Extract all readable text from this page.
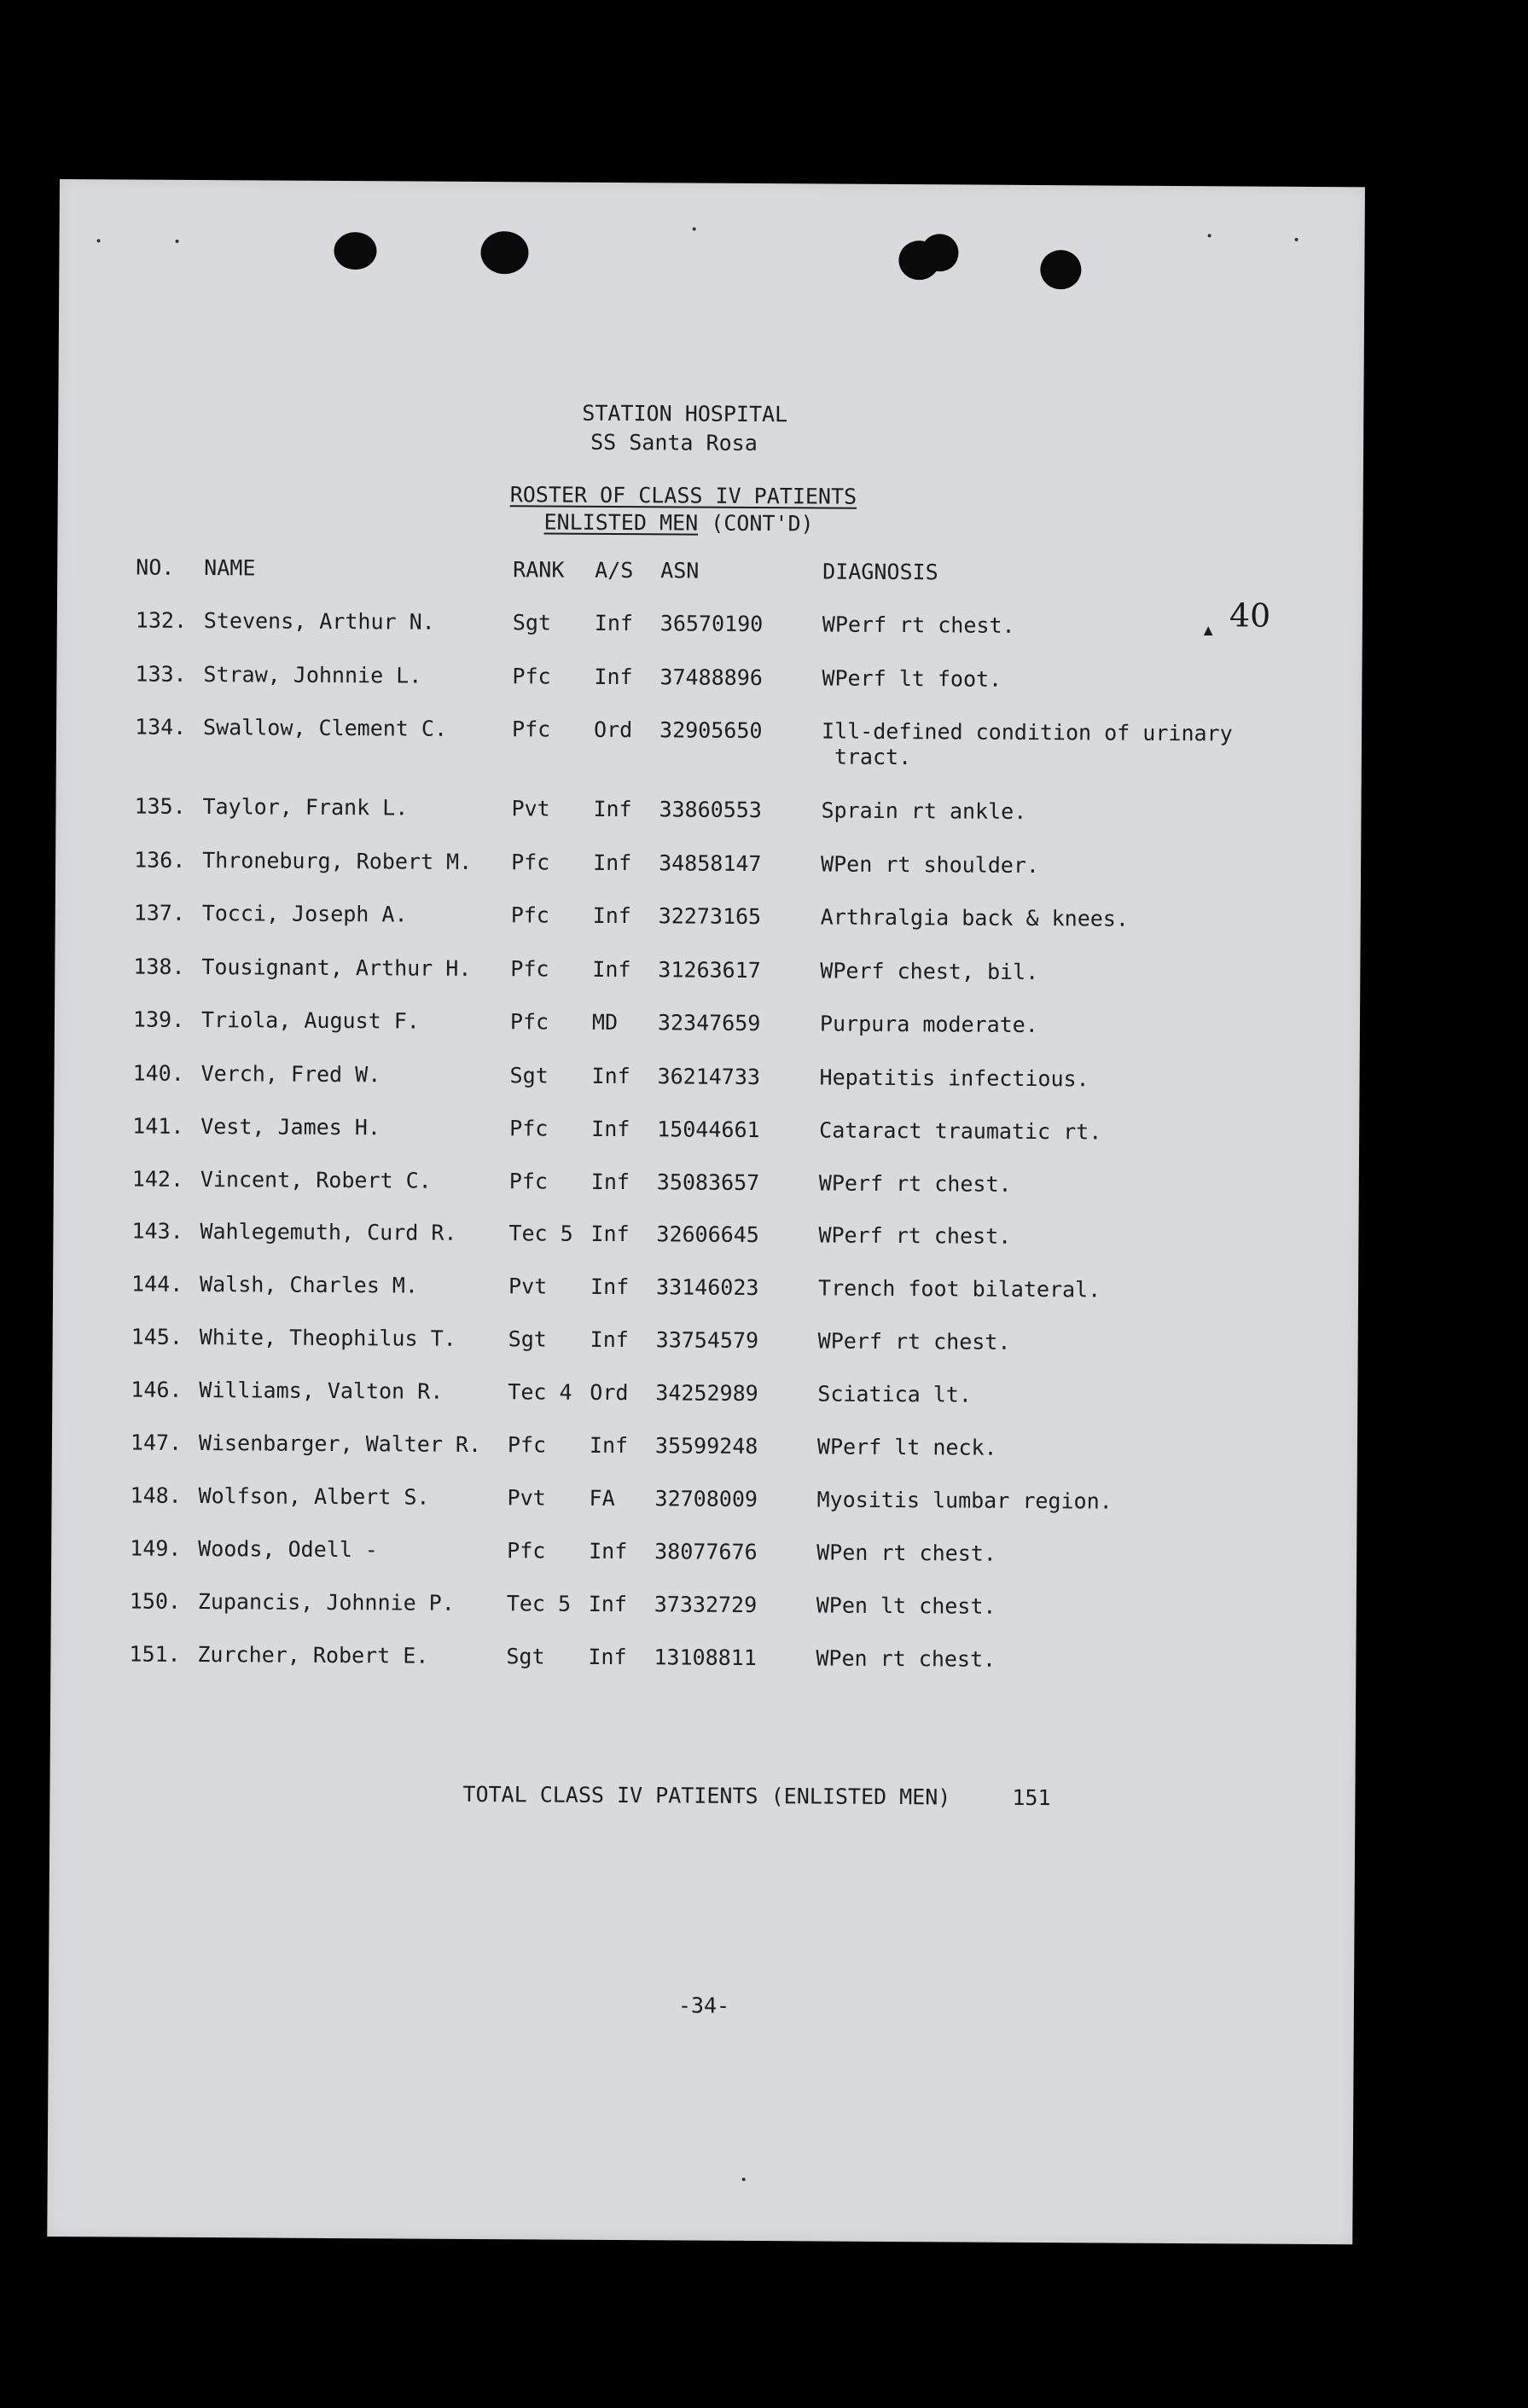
STATION HOSPITAL
SS Santa Rosa
ROSTER OF CLASS IV PATIENTS
ENLISTED MEN (CONT'D)
▲ 40
NO.	NAME	RANK	A/S	ASN	DIAGNOSIS
132. Stevens, Arthur N.	Sgt	Inf	36570190	WPerf rt chest.
133. Straw, Johnnie L.	Pfc	Inf	37488896	WPerf lt foot.
134. Swallow, Clement C.	Pfc	Ord	32905650	Ill-defined condition of urinary
tract.
135. Taylor, Frank L.	Pvt	Inf	33860553	Sprain rt ankle.
136. Throneburg, Robert M.	Pfc	Inf	34858147	WPen rt shoulder.
137. Tocci, Joseph A.	Pfc	Inf	32273165	Arthralgia back & knees.
138. Tousignant, Arthur H.	Pfc	Inf	31263617	WPerf chest, bil.
139. Triola, August F.	Pfc	MD	32347659	Purpura moderate.
140. Verch, Fred W.	Sgt	Inf	36214733	Hepatitis infectious.
141. Vest, James H.	Pfc	Inf	15044661	Cataract traumatic rt.
142. Vincent, Robert C.	Pfc	Inf	35083657	WPerf rt chest.
143. Wahlegemuth, Curd R.	Tec 5 Inf	32606645	WPerf rt chest.
144. Walsh, Charles M.	Pvt	Inf	33146023	Trench foot bilateral.
145. White, Theophilus T.	Sgt	Inf	33754579	WPerf rt chest.
146. Williams, Valton R.	Tec 4 Ord	34252989	Sciatica lt.
147. Wisenbarger, Walter R.	Pfc	Inf	35599248	WPerf lt neck.
148. Wolfson, Albert S.	Pvt	FA	32708009	Myositis lumbar region.
149. Woods, Odell -	Pfc	Inf	38077676	WPen rt chest.
150. Zupancis, Johnnie P.	Tec 5 Inf	37332729	WPen lt chest.
151. Zurcher, Robert E.	Sgt	Inf	13108811	WPen rt chest.
TOTAL CLASS IV PATIENTS (ENLISTED MEN)	151
-34-
